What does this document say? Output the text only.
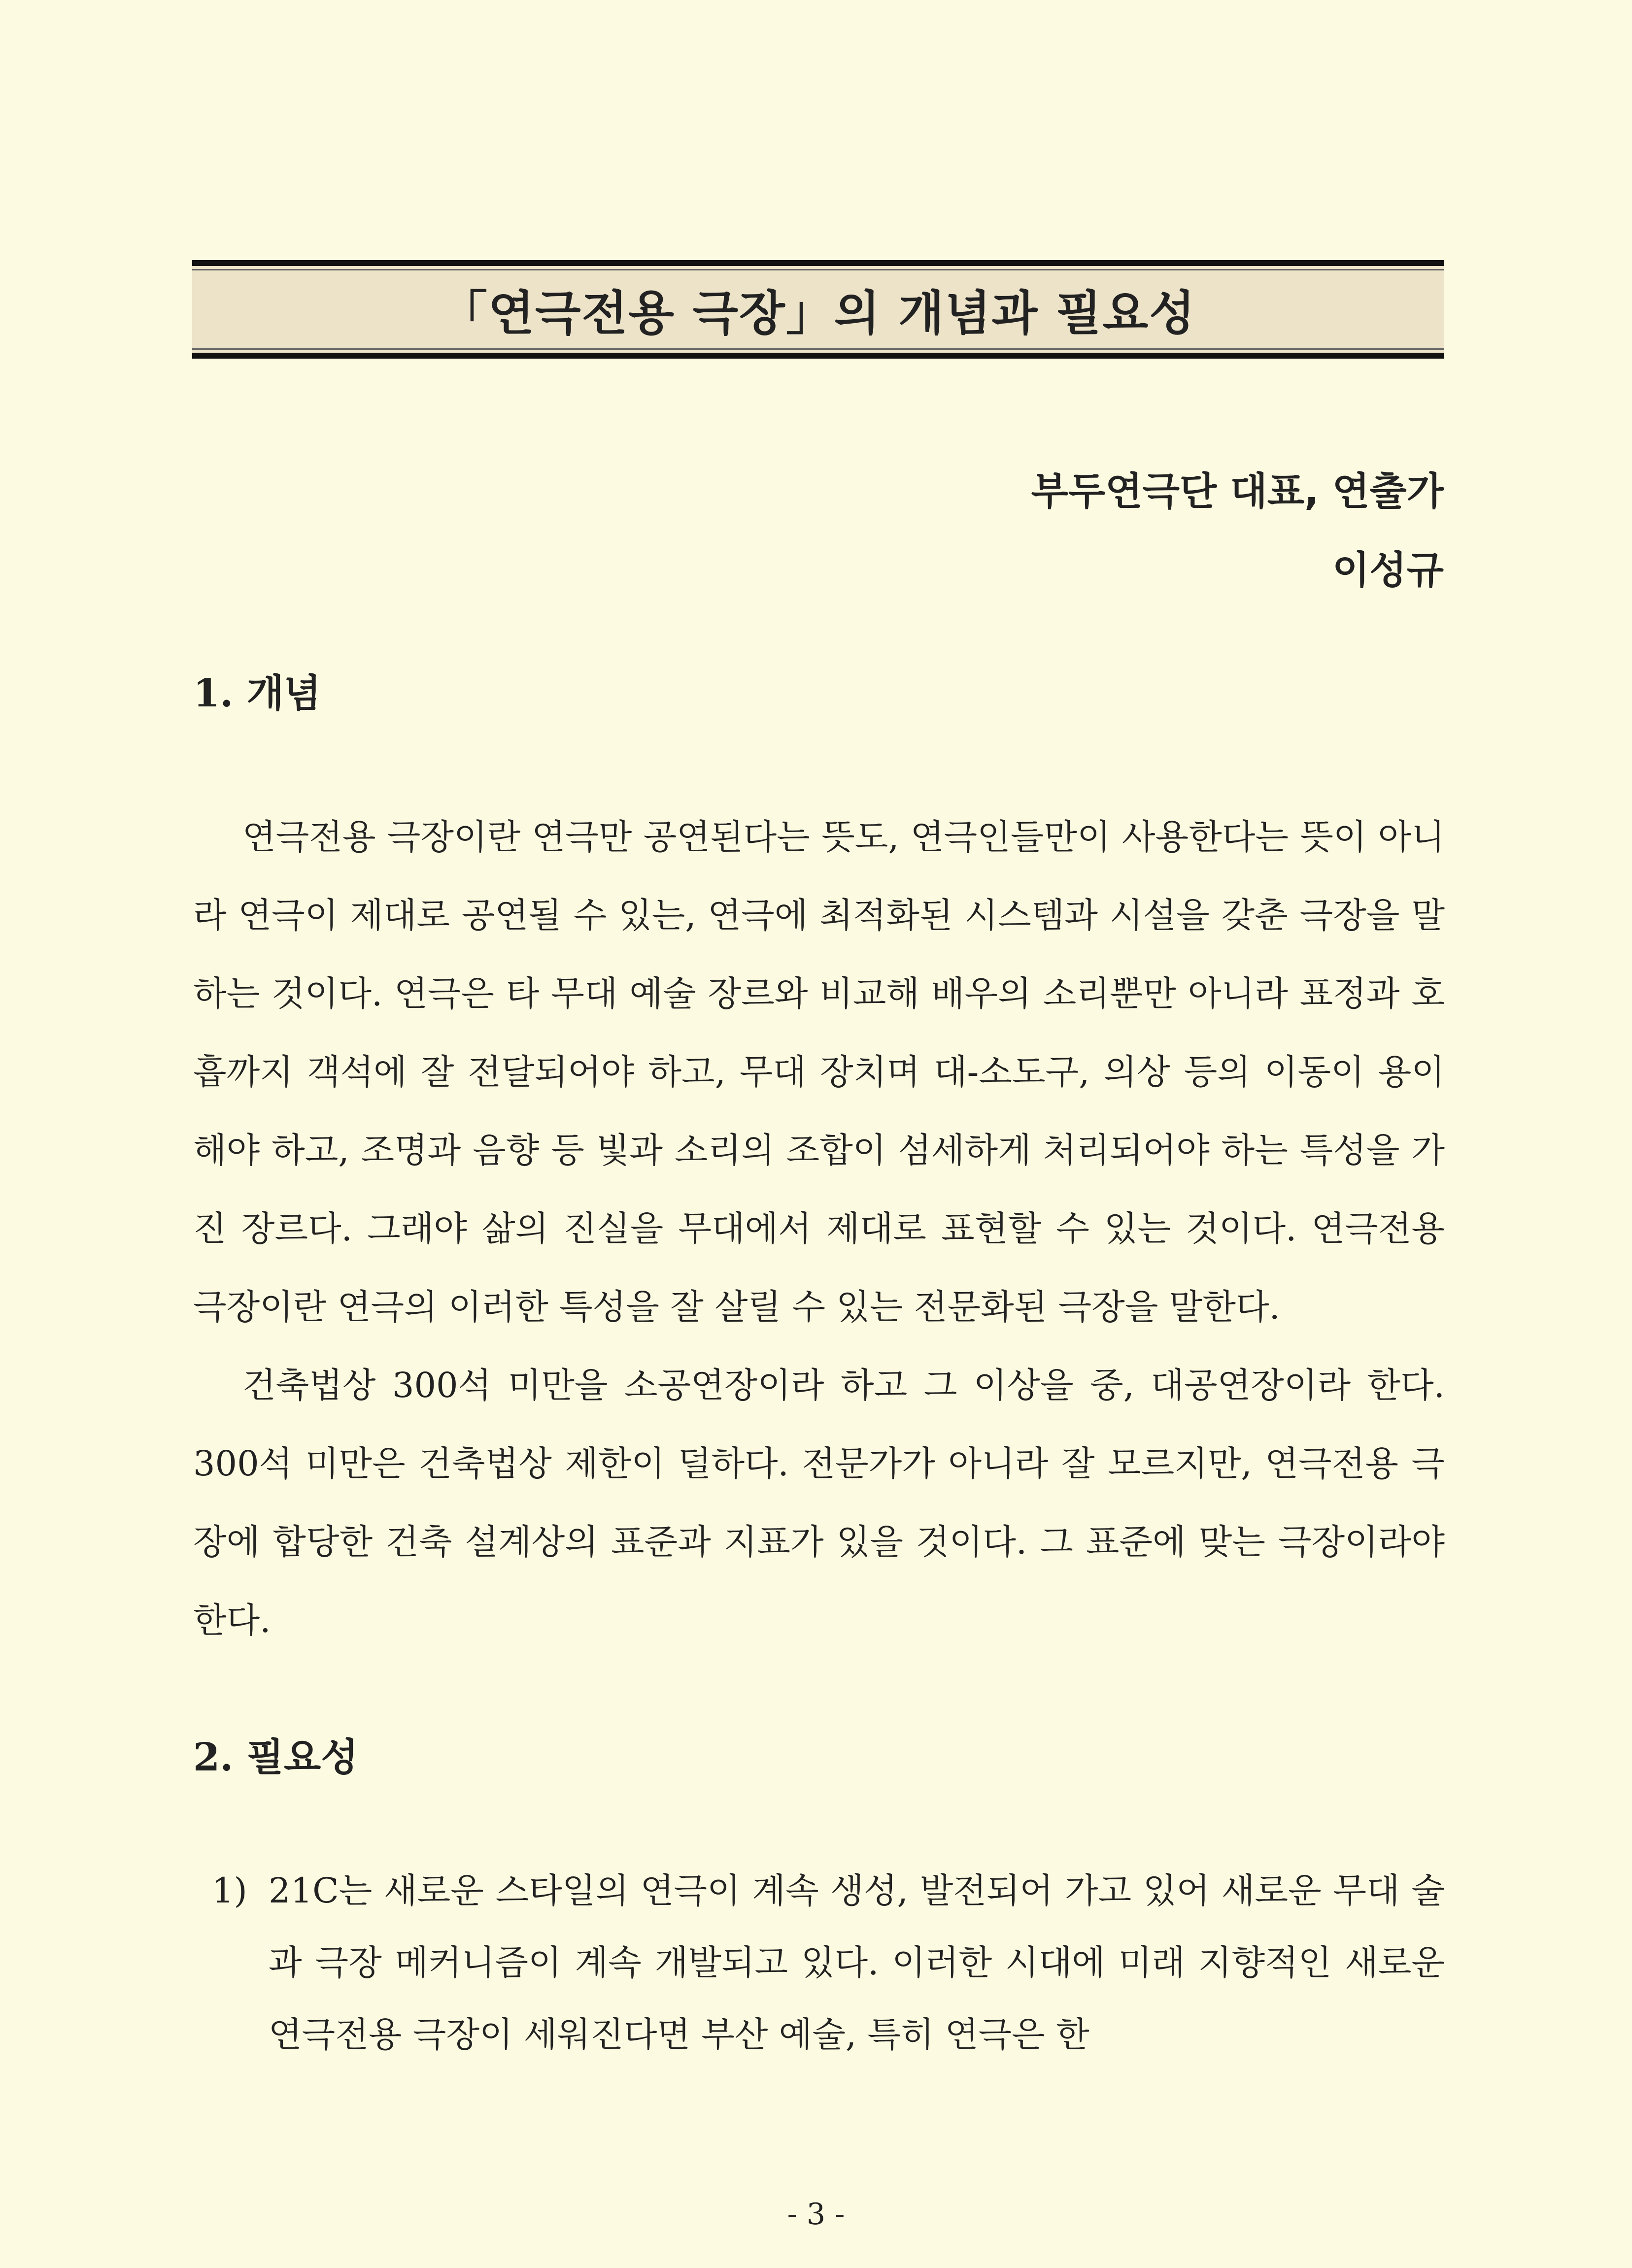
「연극전용 극장」의 개념과 필요성
부두연극단 대표, 연출가
이성규
1. 개념

연극전용 극장이란 연극만 공연된다는 뜻도, 연극인들만이 사용한다는 뜻이 아니라 연극이 제대로 공연될 수 있는, 연극에 최적화된 시스템과 시설을 갖춘 극장을 말하는 것이다. 연극은 타 무대 예술 장르와 비교해 배우의 소리뿐만 아니라 표정과 호흡까지 객석에 잘 전달되어야 하고, 무대 장치며 대-소도구, 의상 등의 이동이 용이해야 하고, 조명과 음향 등 빛과 소리의 조합이 섬세하게 처리되어야 하는 특성을 가진 장르다. 그래야 삶의 진실을 무대에서 제대로 표현할 수 있는 것이다. 연극전용 극장이란 연극의 이러한 특성을 잘 살릴 수 있는 전문화된 극장을 말한다.

건축법상 300석 미만을 소공연장이라 하고 그 이상을 중, 대공연장이라 한다. 300석 미만은 건축법상 제한이 덜하다. 전문가가 아니라 잘 모르지만, 연극전용 극장에 합당한 건축 설계상의 표준과 지표가 있을 것이다. 그 표준에 맞는 극장이라야 한다.

2. 필요성
1) 21C는 새로운 스타일의 연극이 계속 생성, 발전되어 가고 있어 새로운 무대 술과 극장 메커니즘이 계속 개발되고 있다. 이러한 시대에 미래 지향적인 새로운 연극전용 극장이 세워진다면 부산 예술, 특히 연극은 한
- 3 -
